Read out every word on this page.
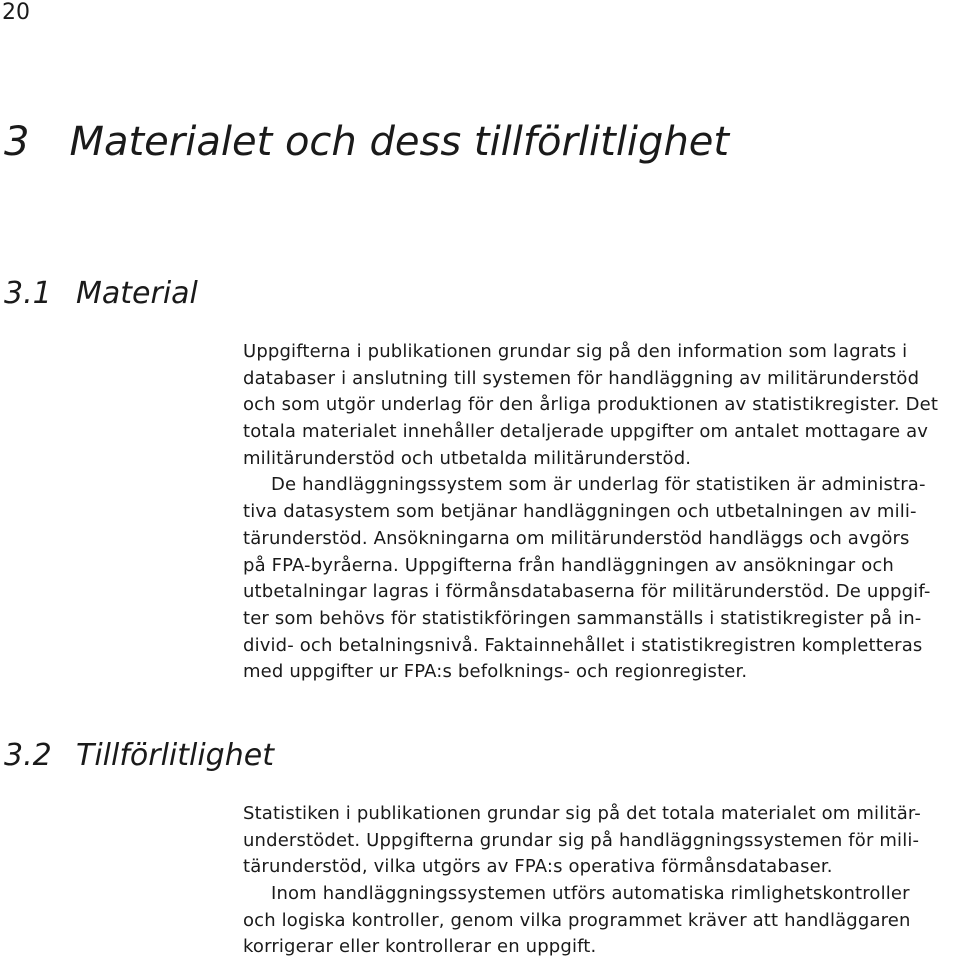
20
3 Materialet och dess tillförlitlighet
3.1 Material
Uppgifterna i publikationen grundar sig på den information som lagrats i
databaser i anslutning till systemen för handläggning av militärunderstöd
och som utgör underlag för den årliga produktionen av statistikregister. Det
totala materialet innehåller detaljerade uppgifter om antalet mottagare av
militärunderstöd och utbetalda militärunderstöd.
De handläggningssystem som är underlag för statistiken är administra-
tiva datasystem som betjänar handläggningen och utbetalningen av mili-
tärunderstöd. Ansökningarna om militärunderstöd handläggs och avgörs
på FPA-byråerna. Uppgifterna från handläggningen av ansökningar och
utbetalningar lagras i förmånsdatabaserna för militärunderstöd. De uppgif-
ter som behövs för statistikföringen sammanställs i statistikregister på in-
divid- och betalningsnivå. Faktainnehållet i statistikregistren kompletteras
med uppgifter ur FPA:s befolknings- och regionregister.
3.2 Tillförlitlighet
Statistiken i publikationen grundar sig på det totala materialet om militär-
understödet. Uppgifterna grundar sig på handläggningssystemen för mili-
tärunderstöd, vilka utgörs av FPA:s operativa förmånsdatabaser.
Inom handläggningssystemen utförs automatiska rimlighetskontroller
och logiska kontroller, genom vilka programmet kräver att handläggaren
korrigerar eller kontrollerar en uppgift.
